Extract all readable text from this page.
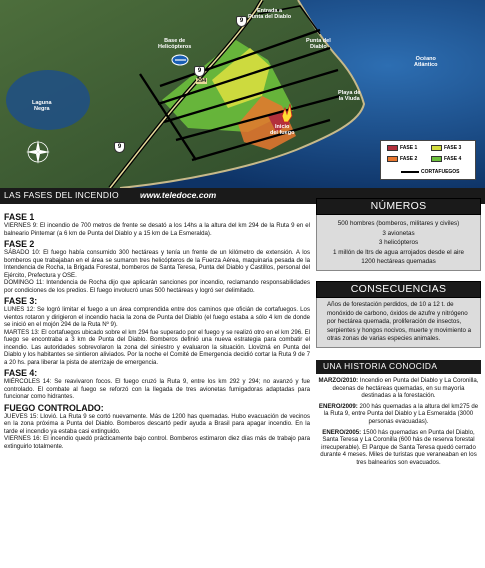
Entrada a
Punta del Diablo
Base de
Helicópteros
Punta del
Diablo
Océano
Atlántico
Laguna
Negra
Playa de
la Viuda
Inicio
del fuego
9
9
9
294
FASE 1	FASE 3
FASE 2	FASE 4
CORTAFUEGOS
LAS FASES DEL INCENDIO www.teledoce.com
FASE 1

VIERNES 9: El incendio de 700 metros de frente se desató a los 14hs a la altura del km 294 de la Ruta 9 en el balneario Pintemar (a 6 km de Punta del Diablo y a 15 km de La Esmeralda).

FASE 2

SÁBADO 10: El fuego había consumido 300 hectáreas y tenía un frente de un kilómetro de extensión. A los bomberos que trabajaban en el área se sumaron tres helicópteros de la Fuerza Aérea, maquinaria pesada de la Intendencia de Rocha, la Brigada Forestal, bomberos de Santa Teresa, Punta del Diablo y Castillos, personal del Ejército, Prefectura y OSE.

DOMINGO 11: Intendencia de Rocha dijo que aplicarán sanciones por incendio, reclamando responsabilidades por condiciones de los predios. El fuego involucró unas 500 hectáreas y logró ser delimitado.

FASE 3:

LUNES 12: Se logró limitar el fuego a un área comprendida entre dos caminos que oficián de cortafuegos. Los vientos rotaron y dirigieron el incendio hacia la zona de Punta del Diablo (el fuego estaba a sólo 4 km de donde se inició en el mojón 294 de la Ruta Nº 9).

MARTES 13: El cortafuegos ubicado sobre el km 294 fue superado por el fuego y se realizó otro en el km 296. El fuego se encontraba a 3 km de Punta del Diablo. Bomberos definió una nueva estrategia para combatir el incendio. Las autoridades sobrevolaron la zona del siniestro y evaluaron la situación. Llovizná en Punta del Diablo y los habitantes se sintieron aliviados. Por la noche el Comité de Emergencia decidió cortar la Ruta 9 de 7 a 20 hs. para liberar la pista de aterrizaje de emergencia.

FASE 4:

MIÉRCOLES 14: Se reavivaron focos. El fuego cruzó la Ruta 9, entre los km 292 y 294; no avanzó y fue controlado. El combate al fuego se reforzó con la llegada de tres avionetas fumigadoras adaptadas para funcionar como hidrantes.

FUEGO CONTROLADO:

JUEVES 15: Llovió. La Ruta 9 se cortó nuevamente. Más de 1200 has quemadas. Hubo evacuación de vecinos en la zona próxima a Punta del Diablo. Bomberos descartó pedir ayuda a Brasil para apagar incendio. En la tarde el incendio ya estaba casi extinguido.

VIERNES 16: El incendio quedó prácticamente bajo control. Bomberos estimaron diez días más de trabajo para extinguirlo totalmente.

NÚMEROS
500 hombres (bomberos, militares y civiles)
3 avionetas
3 helicópteros
1 millón de ltrs de agua arrojados desde el aire
1200 hectáreas quemadas
CONSECUENCIAS

Años de forestación perdidos, de 10 a 12 t. de monóxido de carbono, óxidos de azufre y nitrógeno por hectárea quemada, proliferación de insectos, serpientes y hongos nocivos, muerte y movimiento a otras zonas de varias especies animales.

UNA HISTORIA CONOCIDA

MARZO/2010: Incendio en Punta del Diablo y La Coronilla, decenas de hectáreas quemadas, en su mayoría destinadas a la forestación.

ENERO/2009: 200 hás quemadas a la altura del km275 de la Ruta 9, entre Punta del Diablo y La Esmeralda (3000 personas evacuadas).

ENERO/2005: 1500 hás quemadas en Punta del Diablo, Santa Teresa y La Coronilla (600 hás de reserva forestal irrecuperable). El Parque de Santa Teresa quedó cerrado durante 4 meses. Miles de turistas que veraneaban en los tres balnearios son evacuados.
